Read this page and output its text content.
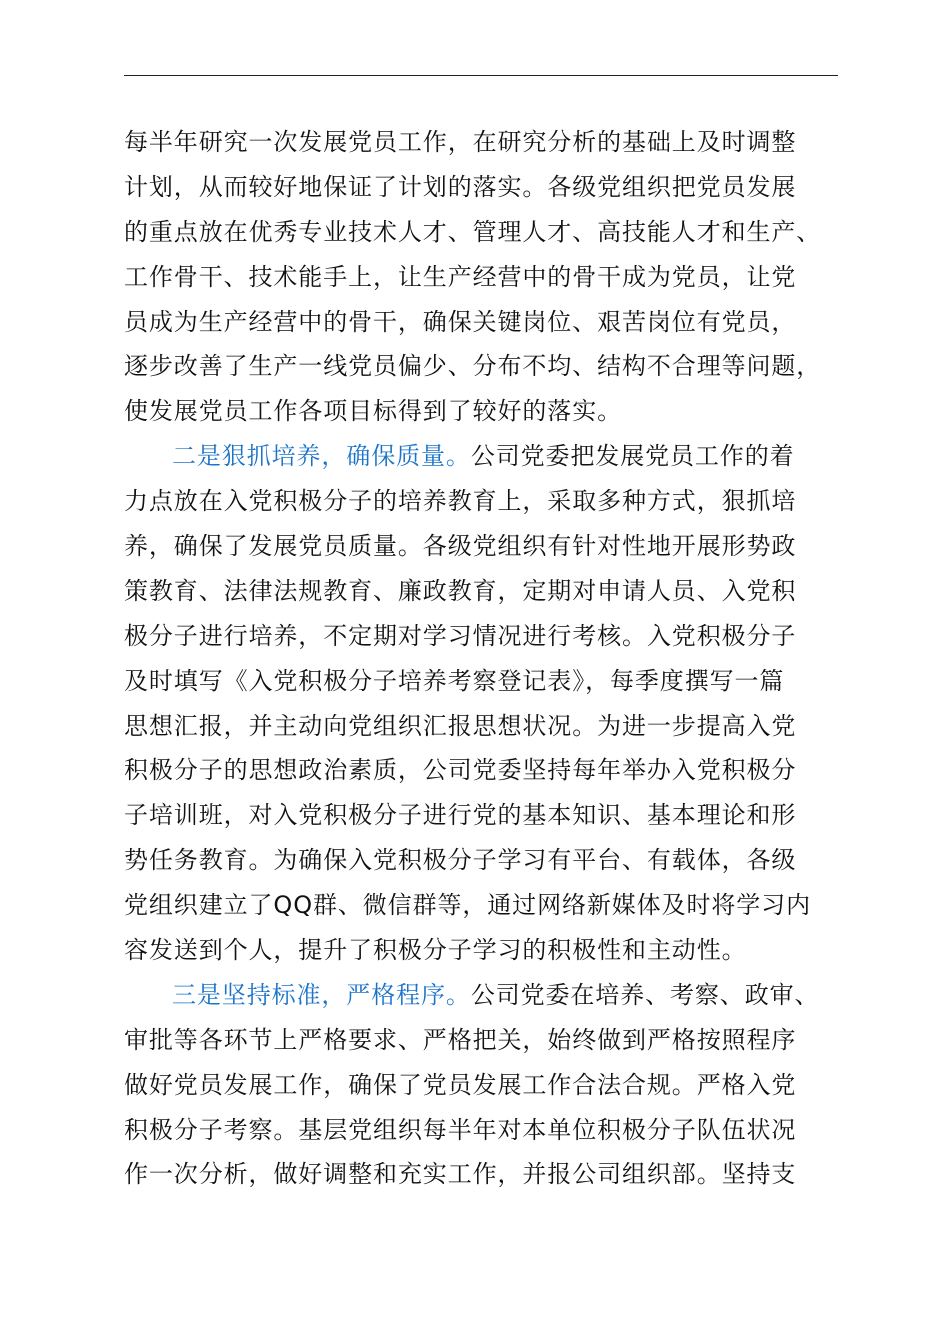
每半年研究一次发展党员工作，在研究分析的基础上及时调整
计划，从而较好地保证了计划的落实。各级党组织把党员发展
的重点放在优秀专业技术人才、管理人才、高技能人才和生产、
工作骨干、技术能手上，让生产经营中的骨干成为党员，让党
员成为生产经营中的骨干，确保关键岗位、艰苦岗位有党员，
逐步改善了生产一线党员偏少、分布不均、结构不合理等问题，
使发展党员工作各项目标得到了较好的落实。
二是狠抓培养，确保质量。公司党委把发展党员工作的着
力点放在入党积极分子的培养教育上，采取多种方式，狠抓培
养，确保了发展党员质量。各级党组织有针对性地开展形势政
策教育、法律法规教育、廉政教育，定期对申请人员、入党积
极分子进行培养，不定期对学习情况进行考核。入党积极分子
及时填写《入党积极分子培养考察登记表》，每季度撰写一篇
思想汇报，并主动向党组织汇报思想状况。为进一步提高入党
积极分子的思想政治素质，公司党委坚持每年举办入党积极分
子培训班，对入党积极分子进行党的基本知识、基本理论和形
势任务教育。为确保入党积极分子学习有平台、有载体，各级
党组织建立了QQ群、微信群等，通过网络新媒体及时将学习内
容发送到个人，提升了积极分子学习的积极性和主动性。
三是坚持标准，严格程序。公司党委在培养、考察、政审、
审批等各环节上严格要求、严格把关，始终做到严格按照程序
做好党员发展工作，确保了党员发展工作合法合规。严格入党
积极分子考察。基层党组织每半年对本单位积极分子队伍状况
作一次分析，做好调整和充实工作，并报公司组织部。坚持支
